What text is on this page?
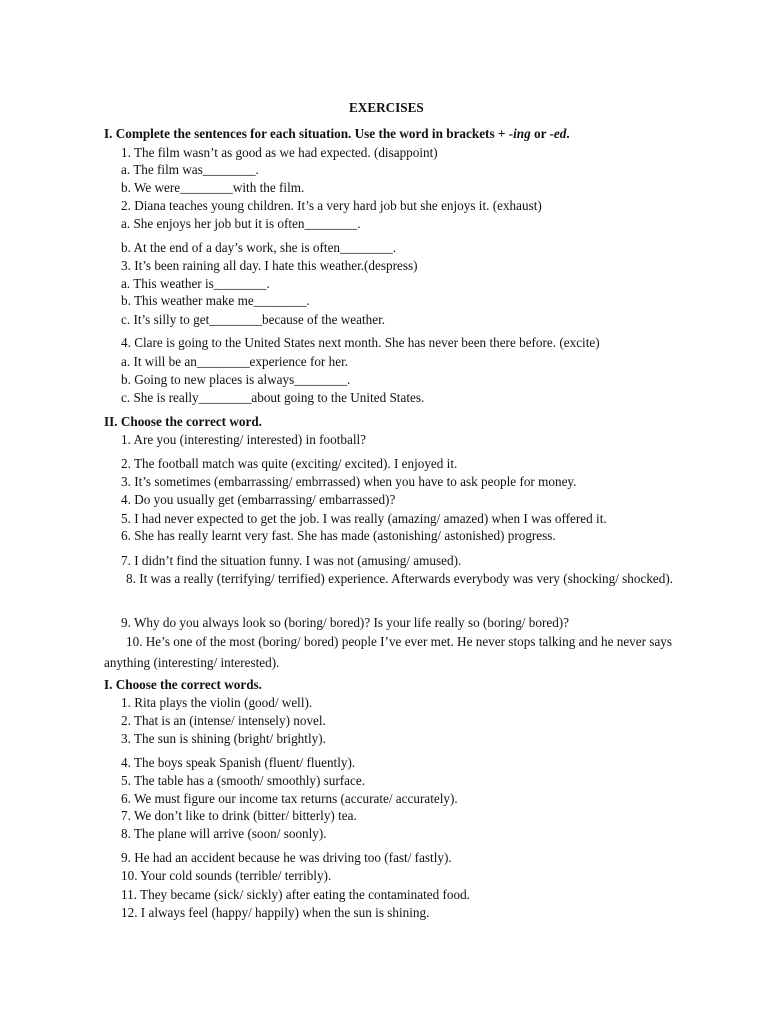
EXERCISES
I. Complete the sentences for each situation. Use the word in brackets + -ing or -ed.
1. The film wasn’t as good as we had expected. (disappoint)
a. The film was________.
b. We were________with the film.
2. Diana teaches young children. It’s a very hard job but she enjoys it. (exhaust)
a. She enjoys her job but it is often________.
b. At the end of a day’s work, she is often________.
3. It’s been raining all day. I hate this weather.(despress)
a. This weather is________.
b. This weather make me________.
c. It’s silly to get________because of the weather.
4. Clare is going to the United States next month. She has never been there before. (excite)
a. It will be an________experience for her.
b. Going to new places is always________.
c. She is really________about going to the United States.
II. Choose the correct word.
1. Are you (interesting/ interested) in football?
2. The football match was quite (exciting/ excited). I enjoyed it.
3. It’s sometimes (embarrassing/ embrrassed) when you have to ask people for money.
4. Do you usually get (embarrassing/ embarrassed)?
5. I had never expected to get the job. I was really (amazing/ amazed) when I was offered it.
6. She has really learnt very fast. She has made (astonishing/ astonished) progress.
7. I didn’t find the situation funny. I was not (amusing/ amused).
8. It was a really (terrifying/ terrified) experience. Afterwards everybody was very (shocking/ shocked).
9. Why do you always look so (boring/ bored)? Is your life really so (boring/ bored)?
10. He’s one of the most (boring/ bored) people I’ve ever met. He never stops talking and he never says anything (interesting/ interested).
I. Choose the correct words.
1. Rita plays the violin (good/ well).
2. That is an (intense/ intensely) novel.
3. The sun is shining (bright/ brightly).
4. The boys speak Spanish (fluent/ fluently).
5. The table has a (smooth/ smoothly) surface.
6. We must figure our income tax returns (accurate/ accurately).
7. We don’t like to drink (bitter/ bitterly) tea.
8. The plane will arrive (soon/ soonly).
9. He had an accident because he was driving too (fast/ fastly).
10. Your cold sounds (terrible/ terribly).
11. They became (sick/ sickly) after eating the contaminated food.
12. I always feel (happy/ happily) when the sun is shining.
